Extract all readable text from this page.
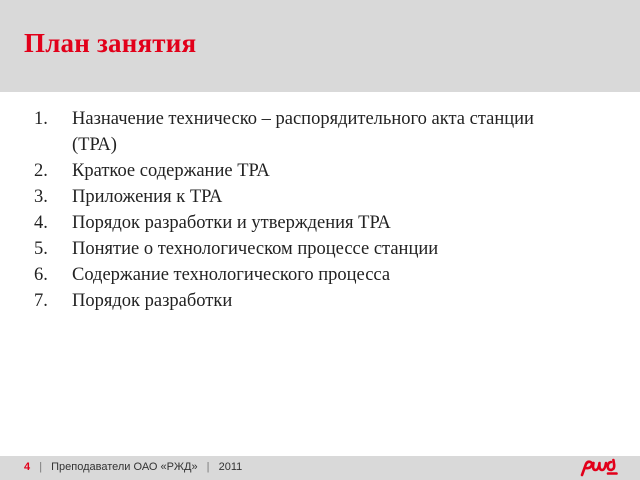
План занятия
1.	Назначение техническо – распорядительного акта станции (ТРА)
2.	Краткое содержание ТРА
3.	Приложения к ТРА
4.	Порядок разработки и утверждения ТРА
5.	Понятие о технологическом процессе станции
6.	Содержание технологического процесса
7.	Порядок разработки
4 | Преподаватели ОАО «РЖД» | 2011
